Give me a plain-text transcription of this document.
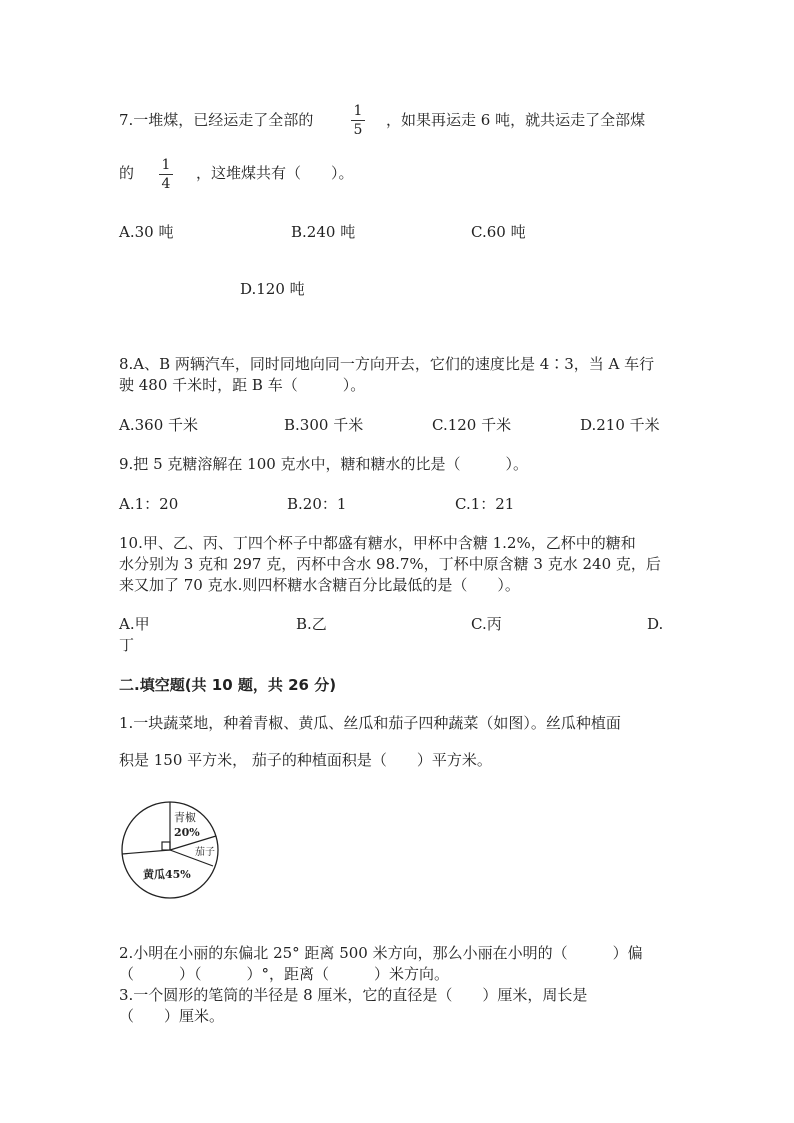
7.一堆煤，已经运走了全部的	1
5
，如果再运走 6 吨，就共运走了全部煤
的	1
4
，这堆煤共有（　　）。
A.30 吨	B.240 吨	C.60 吨
D.120 吨
8.A、B 两辆汽车，同时同地向同一方向开去，它们的速度比是 4∶3，当 A 车行
驶 480 千米时，距 B 车（　　　）。
A.360 千米	B.300 千米	C.120 千米	D.210 千米
9.把 5 克糖溶解在 100 克水中，糖和糖水的比是（　　　）。
A.1：20	B.20：1	C.1：21
10.甲、乙、丙、丁四个杯子中都盛有糖水，甲杯中含糖 1.2%，乙杯中的糖和
水分别为 3 克和 297 克，丙杯中含水 98.7%，丁杯中原含糖 3 克水 240 克，后
来又加了 70 克水.则四杯糖水含糖百分比最低的是（　　）。
A.甲	B.乙	C.丙	D.
丁
二.填空题(共 10 题，共 26 分)
1.一块蔬菜地，种着青椒、黄瓜、丝瓜和茄子四种蔬菜（如图）。丝瓜种植面
积是 150 平方米， 茄子的种植面积是（　　）平方米。
青椒
20%
茄子
黄瓜45%
2.小明在小丽的东偏北 25° 距离 500 米方向，那么小丽在小明的（　　　）偏
（　　　）（　　　）°，距离（　　　）米方向。
3.一个圆形的笔筒的半径是 8 厘米，它的直径是（　　）厘米，周长是
（　　）厘米。
